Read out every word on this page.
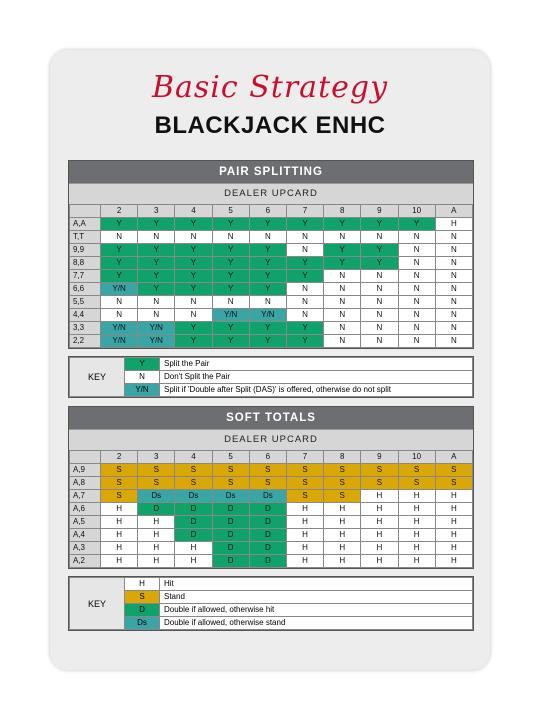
Basic Strategy
BLACKJACK ENHC
PAIR SPLITTING
DEALER UPCARD
	2	3	4	5	6	7	8	9	10	A
A,A	Y	Y	Y	Y	Y	Y	Y	Y	Y	H
T,T	N	N	N	N	N	N	N	N	N	N
9,9	Y	Y	Y	Y	Y	N	Y	Y	N	N
8,8	Y	Y	Y	Y	Y	Y	Y	Y	N	N
7,7	Y	Y	Y	Y	Y	Y	N	N	N	N
6,6	Y/N	Y	Y	Y	Y	N	N	N	N	N
5,5	N	N	N	N	N	N	N	N	N	N
4,4	N	N	N	Y/N	Y/N	N	N	N	N	N
3,3	Y/N	Y/N	Y	Y	Y	Y	N	N	N	N
2,2	Y/N	Y/N	Y	Y	Y	Y	N	N	N	N
KEY	Y	Split the Pair
	N	Don't Split the Pair
	Y/N	Split if 'Double after Split (DAS)' is offered, otherwise do not split
SOFT TOTALS
DEALER UPCARD
	2	3	4	5	6	7	8	9	10	A
A,9	S	S	S	S	S	S	S	S	S	S
A,8	S	S	S	S	S	S	S	S	S	S
A,7	S	Ds	Ds	Ds	Ds	S	S	H	H	H
A,6	H	D	D	D	D	H	H	H	H	H
A,5	H	H	D	D	D	H	H	H	H	H
A,4	H	H	D	D	D	H	H	H	H	H
A,3	H	H	H	D	D	H	H	H	H	H
A,2	H	H	H	D	D	H	H	H	H	H
KEY	H	Hit
	S	Stand
	D	Double if allowed, otherwise hit
	Ds	Double if allowed, otherwise stand
